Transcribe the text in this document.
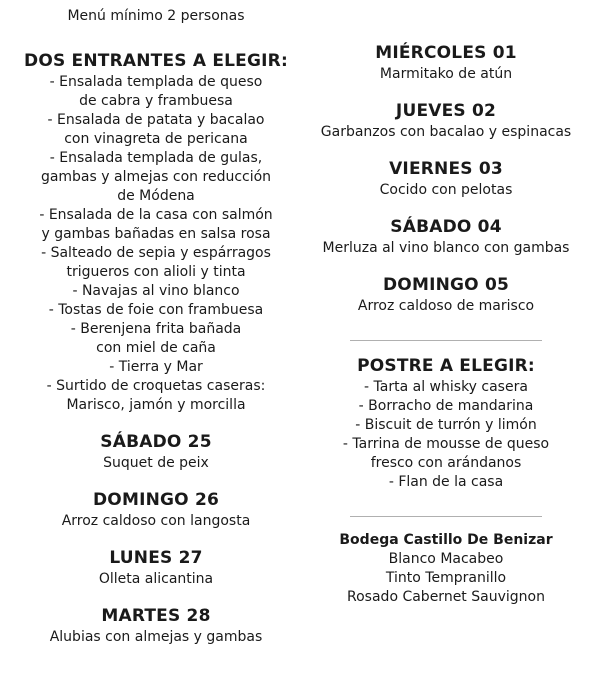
Menú mínimo 2 personas
DOS ENTRANTES A ELEGIR:
- Ensalada templada de queso
de cabra y frambuesa
- Ensalada de patata y bacalao
con vinagreta de pericana
- Ensalada templada de gulas,
gambas y almejas con reducción
de Módena
- Ensalada de la casa con salmón
y gambas bañadas en salsa rosa
- Salteado de sepia y espárragos
trigueros con alioli y tinta
- Navajas al vino blanco
- Tostas de foie con frambuesa
- Berenjena frita bañada
con miel de caña
- Tierra y Mar
- Surtido de croquetas caseras:
Marisco, jamón y morcilla
SÁBADO 25
Suquet de peix
DOMINGO 26
Arroz caldoso con langosta
LUNES 27
Olleta alicantina
MARTES 28
Alubias con almejas y gambas
MIÉRCOLES 01
Marmitako de atún
JUEVES 02
Garbanzos con bacalao y espinacas
VIERNES 03
Cocido con pelotas
SÁBADO 04
Merluza al vino blanco con gambas
DOMINGO 05
Arroz caldoso de marisco
POSTRE A ELEGIR:
- Tarta al whisky casera
- Borracho de mandarina
- Biscuit de turrón y limón
- Tarrina de mousse de queso
fresco con arándanos
- Flan de la casa
Bodega Castillo De Benizar
Blanco Macabeo
Tinto Tempranillo
Rosado Cabernet Sauvignon
